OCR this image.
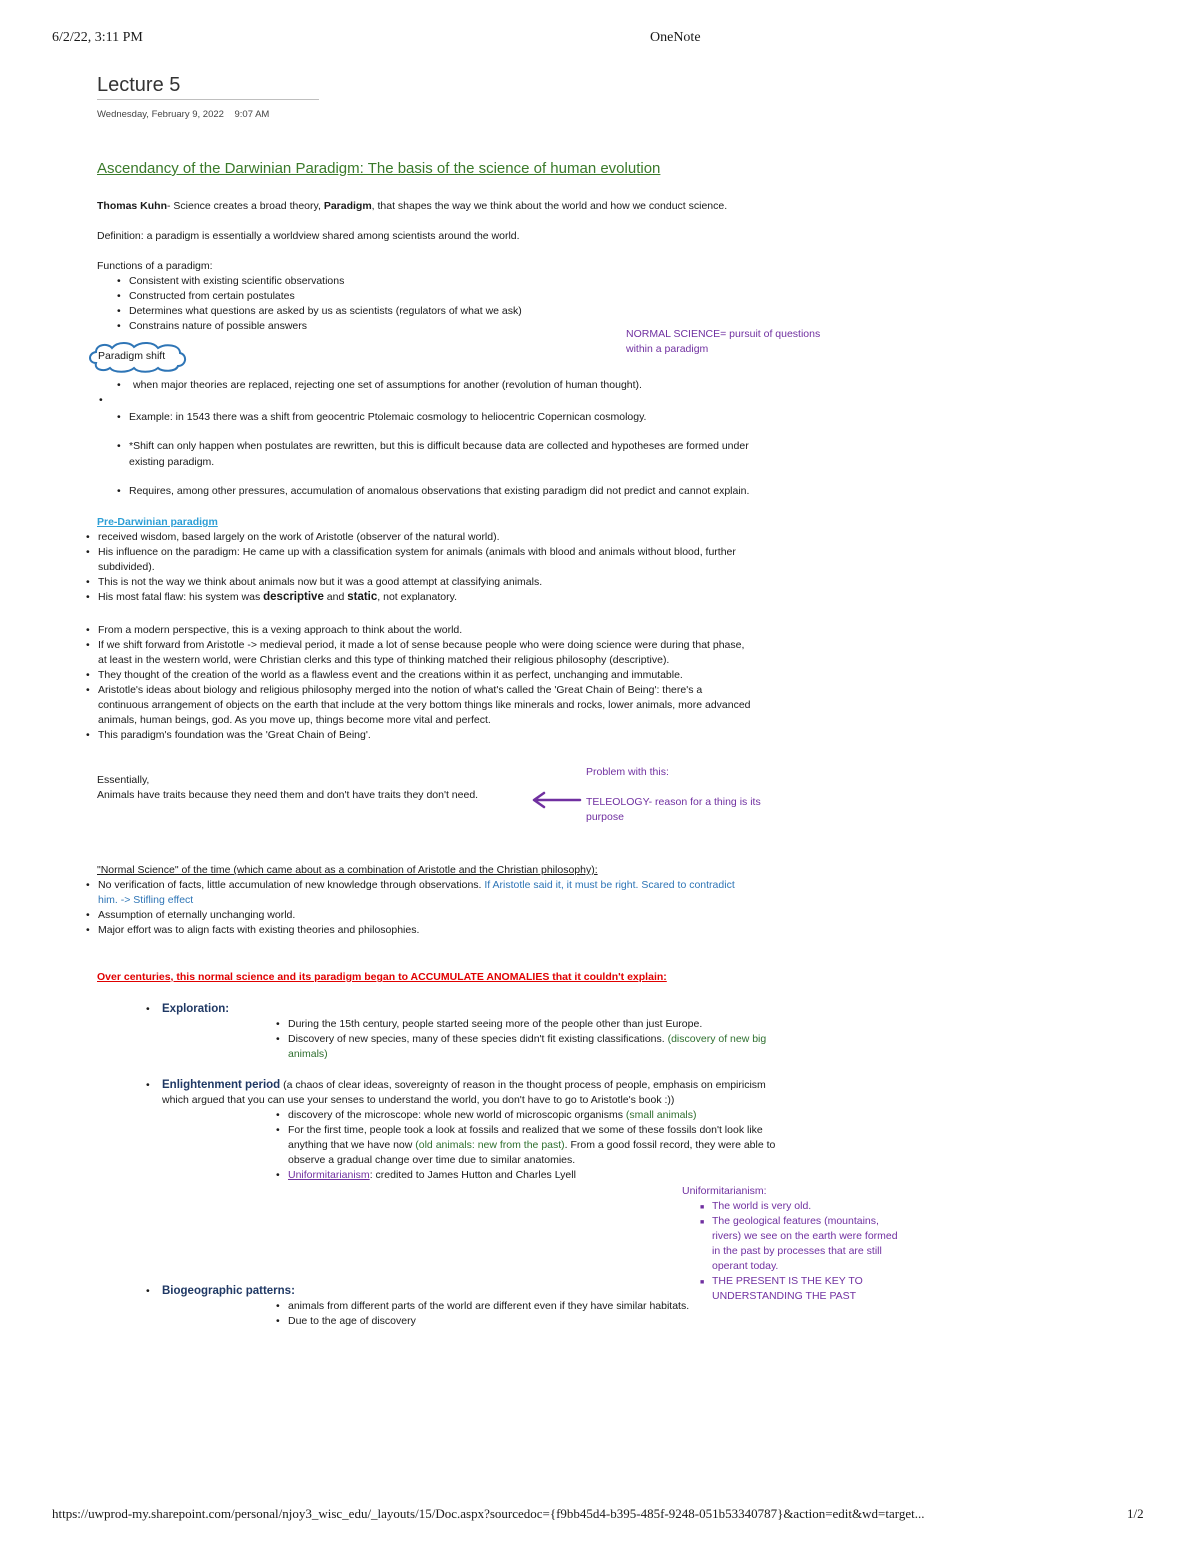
6/2/22, 3:11 PM	OneNote
Lecture 5
Wednesday, February 9, 2022 9:07 AM
Ascendancy of the Darwinian Paradigm: The basis of the science of human evolution
Thomas Kuhn- Science creates a broad theory, Paradigm, that shapes the way we think about the world and how we conduct science.
Definition: a paradigm is essentially a worldview shared among scientists around the world.
Functions of a paradigm:
• Consistent with existing scientific observations
• Constructed from certain postulates
• Determines what questions are asked by us as scientists (regulators of what we ask)
• Constrains nature of possible answers
NORMAL SCIENCE= pursuit of questions
within a paradigm
Paradigm shift
• when major theories are replaced, rejecting one set of assumptions for another (revolution of human thought).
•
• Example: in 1543 there was a shift from geocentric Ptolemaic cosmology to heliocentric Copernican cosmology.
• *Shift can only happen when postulates are rewritten, but this is difficult because data are collected and hypotheses are formed under
existing paradigm.
• Requires, among other pressures, accumulation of anomalous observations that existing paradigm did not predict and cannot explain.
Pre-Darwinian paradigm
• received wisdom, based largely on the work of Aristotle (observer of the natural world).
• His influence on the paradigm: He came up with a classification system for animals (animals with blood and animals without blood, further
subdivided).
• This is not the way we think about animals now but it was a good attempt at classifying animals.
• His most fatal flaw: his system was descriptive and static, not explanatory.
• From a modern perspective, this is a vexing approach to think about the world.
• If we shift forward from Aristotle -> medieval period, it made a lot of sense because people who were doing science were during that phase,
at least in the western world, were Christian clerks and this type of thinking matched their religious philosophy (descriptive).
• They thought of the creation of the world as a flawless event and the creations within it as perfect, unchanging and immutable.
• Aristotle's ideas about biology and religious philosophy merged into the notion of what's called the 'Great Chain of Being': there's a
continuous arrangement of objects on the earth that include at the very bottom things like minerals and rocks, lower animals, more advanced
animals, human beings, god. As you move up, things become more vital and perfect.
• This paradigm's foundation was the 'Great Chain of Being'.
Essentially,
Animals have traits because they need them and don't have traits they don't need.
Problem with this:
TELEOLOGY- reason for a thing is its
purpose
"Normal Science" of the time (which came about as a combination of Aristotle and the Christian philosophy):
• No verification of facts, little accumulation of new knowledge through observations. If Aristotle said it, it must be right. Scared to contradict
him. -> Stifling effect
• Assumption of eternally unchanging world.
• Major effort was to align facts with existing theories and philosophies.
Over centuries, this normal science and its paradigm began to ACCUMULATE ANOMALIES that it couldn't explain:
• Exploration:
• During the 15th century, people started seeing more of the people other than just Europe.
• Discovery of new species, many of these species didn't fit existing classifications. (discovery of new big
animals)
• Enlightenment period (a chaos of clear ideas, sovereignty of reason in the thought process of people, emphasis on empiricism
which argued that you can use your senses to understand the world, you don't have to go to Aristotle's book :))
• discovery of the microscope: whole new world of microscopic organisms (small animals)
• For the first time, people took a look at fossils and realized that we some of these fossils don't look like
anything that we have now (old animals: new from the past). From a good fossil record, they were able to
observe a gradual change over time due to similar anatomies.
• Uniformitarianism: credited to James Hutton and Charles Lyell
Uniformitarianism:
■ The world is very old.
■ The geological features (mountains,
rivers) we see on the earth were formed
in the past by processes that are still
operant today.
■ THE PRESENT IS THE KEY TO
UNDERSTANDING THE PAST
• Biogeographic patterns:
• animals from different parts of the world are different even if they have similar habitats.
• Due to the age of discovery
https://uwprod-my.sharepoint.com/personal/njoy3_wisc_edu/_layouts/15/Doc.aspx?sourcedoc={f9bb45d4-b395-485f-9248-051b53340787}&action=edit&wd=target...	1/2
